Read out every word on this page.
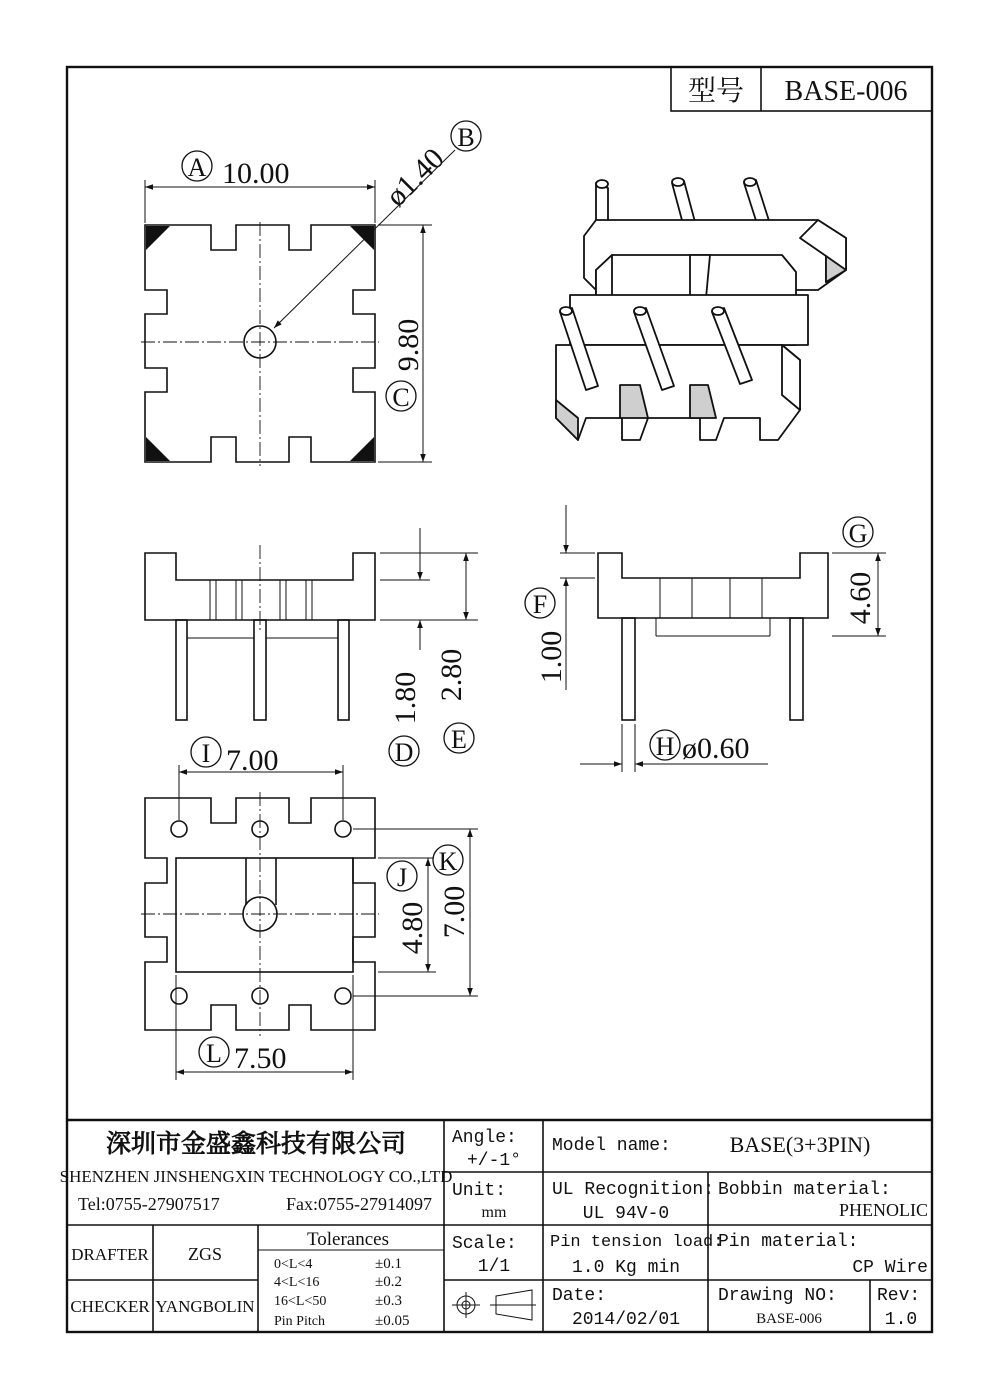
型号 BASE-006
A 10.00	ø1.40
B
9.80
C
1.80 2.80
D E
1.00
F	4.60
G
H ø0.60
I 7.00
4.80 7.00
J
K
L 7.50
深圳市金盛鑫科技有限公司
SHENZHEN JINSHENGXIN TECHNOLOGY CO.,LTD
Tel:0755-27907517	Fax:0755-27914097
DRAFTER ZGS
CHECKER YANGBOLIN
Tolerances
0<L<4	±0.1
4<L<16	±0.2
16<L<50	±0.3
Pin Pitch	±0.05
Angle:
+/-1°
Unit:
mm
Scale:
1/1
Model name:	BASE(3+3PIN)
UL Recognition:
UL 94V-0
Bobbin material:
PHENOLIC
Pin tension load:
1.0 Kg min
Pin material:
CP Wire
Date:
2014/02/01
Drawing NO:
BASE-006
Rev:
1.0
